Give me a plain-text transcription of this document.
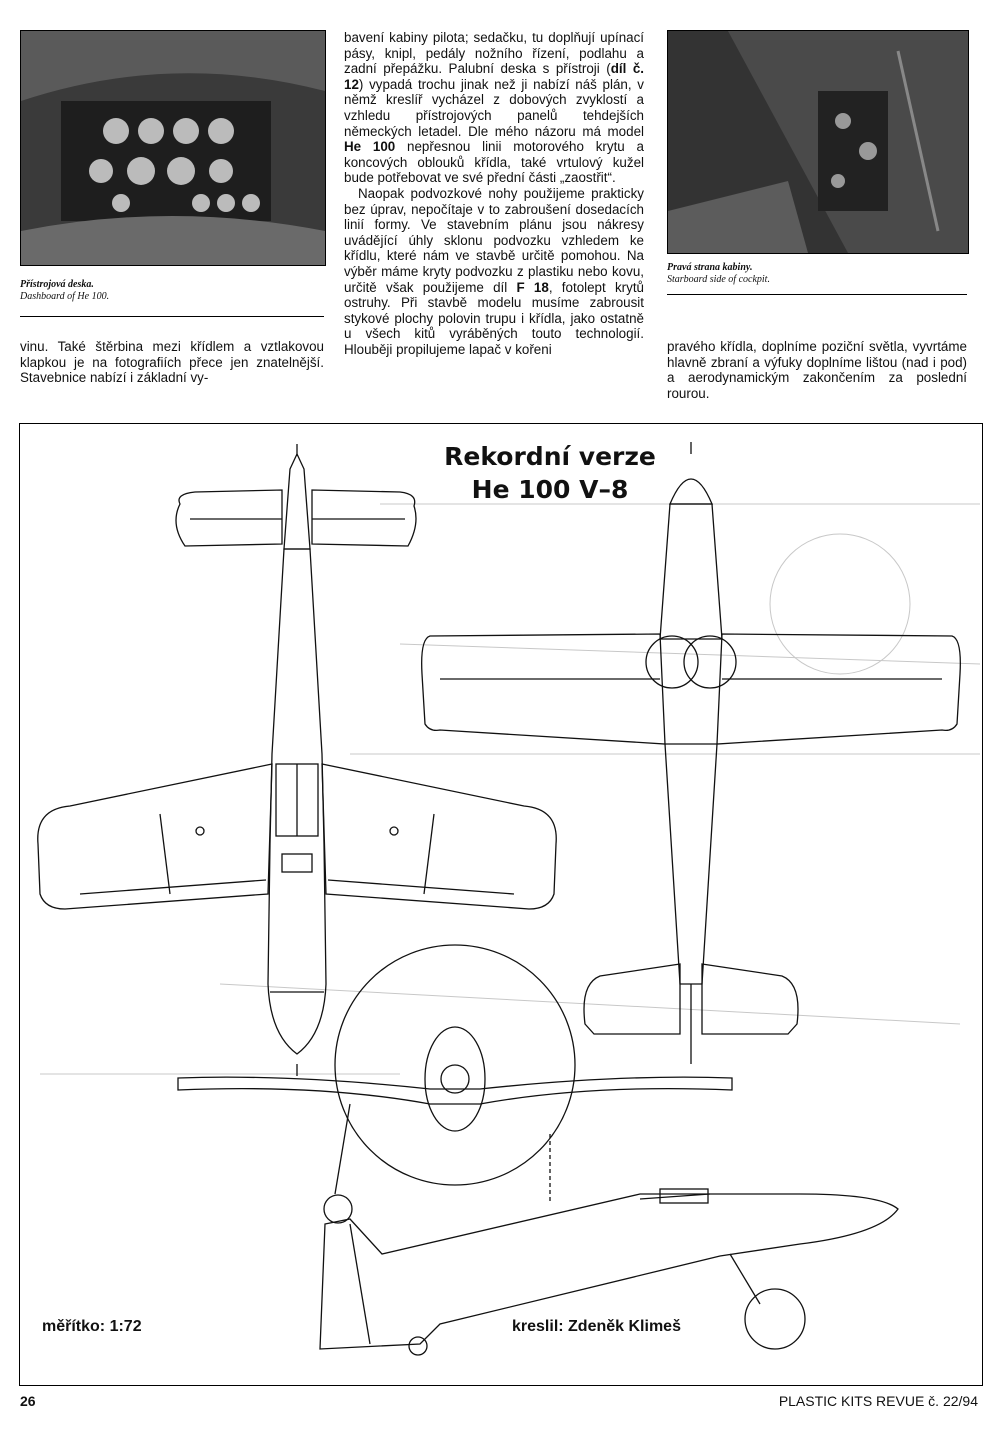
Přístrojová deska.
Dashboard of He 100.
Pravá strana kabiny.
Starboard side of cockpit.

vinu. Také štěrbina mezi křídlem a vztlakovou klapkou je na fotografiích přece jen znatelnější. Stavebnice nabízí i základní vy-

bavení kabiny pilota; sedačku, tu doplňují upínací pásy, knipl, pedály nožního řízení, podlahu a zadní přepážku. Palubní deska s přístroji (díl č. 12) vypadá trochu jinak než ji nabízí náš plán, v němž kreslíř vycházel z dobových zvyklostí a vzhledu přístrojových panelů tehdejších německých letadel. Dle mého názoru má model He 100 nepřesnou linii motorového krytu a koncových oblouků křídla, také vrtulový kužel bude potřebovat ve své přední části „zaostřit“.

Naopak podvozkové nohy použijeme prakticky bez úprav, nepočítaje v to zabroušení dosedacích linií formy. Ve stavebním plánu jsou nákresy uvádějící úhly sklonu podvozku vzhledem ke křídlu, které nám ve stavbě určitě pomohou. Na výběr máme kryty podvozku z plastiku nebo kovu, určitě však použijeme díl F 18, fotolept krytů ostruhy. Při stavbě modelu musíme zabrousit stykové plochy polovin trupu i křídla, jako ostatně u všech kitů vyráběných touto technologií. Hlouběji propilujeme lapač v kořeni	pravého křídla, doplníme poziční světla, vyvrtáme hlavně zbraní a výfuky doplníme lištou (nad i pod) a aerodynamickým zakončením za poslední rourou.

Rekordní verze
He 100 V–8
měřítko: 1:72	kreslil: Zdeněk Klimeš
26	PLASTIC KITS REVUE č. 22/94
